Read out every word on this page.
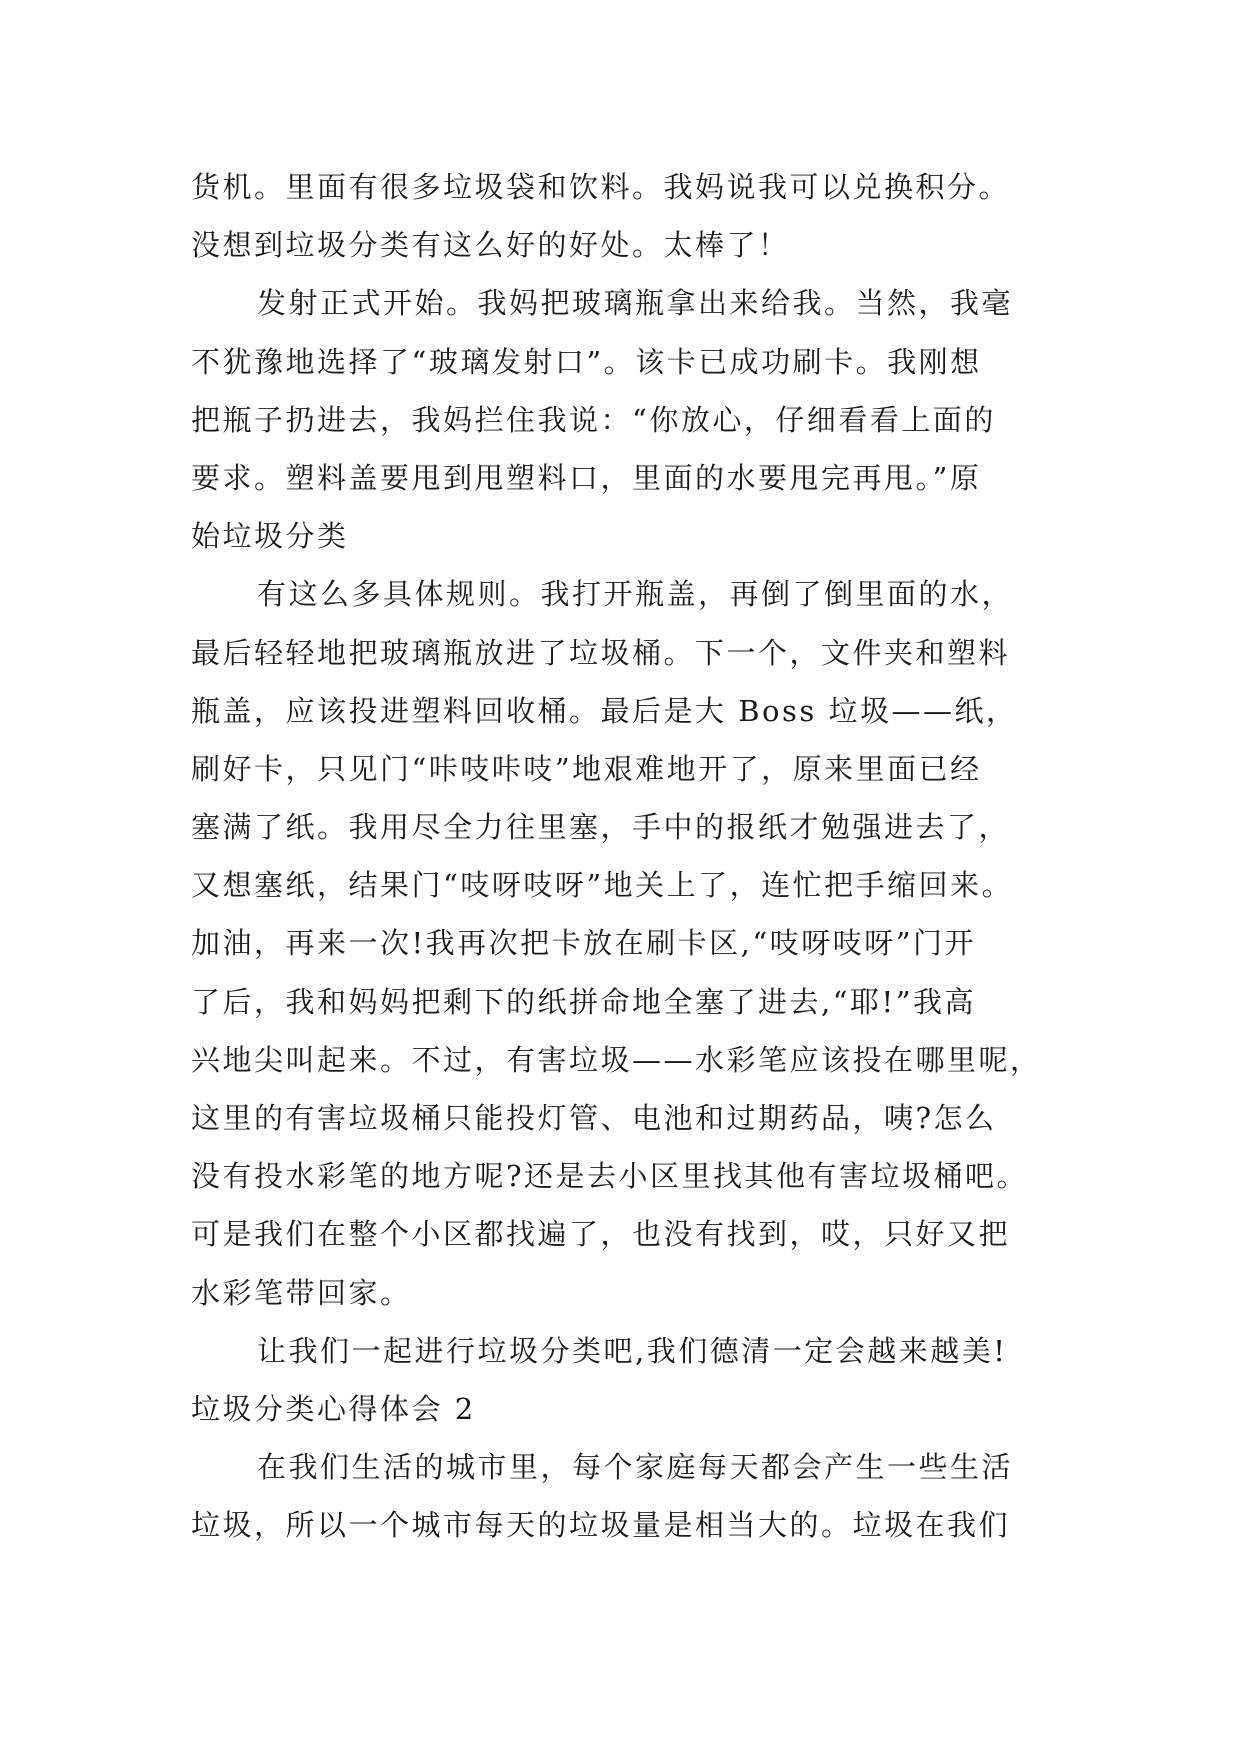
货机。里面有很多垃圾袋和饮料。我妈说我可以兑换积分。
没想到垃圾分类有这么好的好处。太棒了！
发射正式开始。我妈把玻璃瓶拿出来给我。当然，我毫
不犹豫地选择了“玻璃发射口”。该卡已成功刷卡。我刚想
把瓶子扔进去，我妈拦住我说：“你放心，仔细看看上面的
要求。塑料盖要甩到甩塑料口，里面的水要甩完再甩。”原
始垃圾分类
有这么多具体规则。我打开瓶盖，再倒了倒里面的水，
最后轻轻地把玻璃瓶放进了垃圾桶。下一个，文件夹和塑料
瓶盖，应该投进塑料回收桶。最后是大 Boss 垃圾——纸，
刷好卡，只见门“咔吱咔吱”地艰难地开了，原来里面已经
塞满了纸。我用尽全力往里塞，手中的报纸才勉强进去了，
又想塞纸，结果门“吱呀吱呀”地关上了，连忙把手缩回来。
加油，再来一次!我再次把卡放在刷卡区,“吱呀吱呀”门开
了后，我和妈妈把剩下的纸拼命地全塞了进去,“耶!”我高
兴地尖叫起来。不过，有害垃圾——水彩笔应该投在哪里呢，
这里的有害垃圾桶只能投灯管、电池和过期药品，咦?怎么
没有投水彩笔的地方呢?还是去小区里找其他有害垃圾桶吧。
可是我们在整个小区都找遍了，也没有找到，哎，只好又把
水彩笔带回家。
让我们一起进行垃圾分类吧,我们德清一定会越来越美!
垃圾分类心得体会 2
在我们生活的城市里，每个家庭每天都会产生一些生活
垃圾，所以一个城市每天的垃圾量是相当大的。垃圾在我们
